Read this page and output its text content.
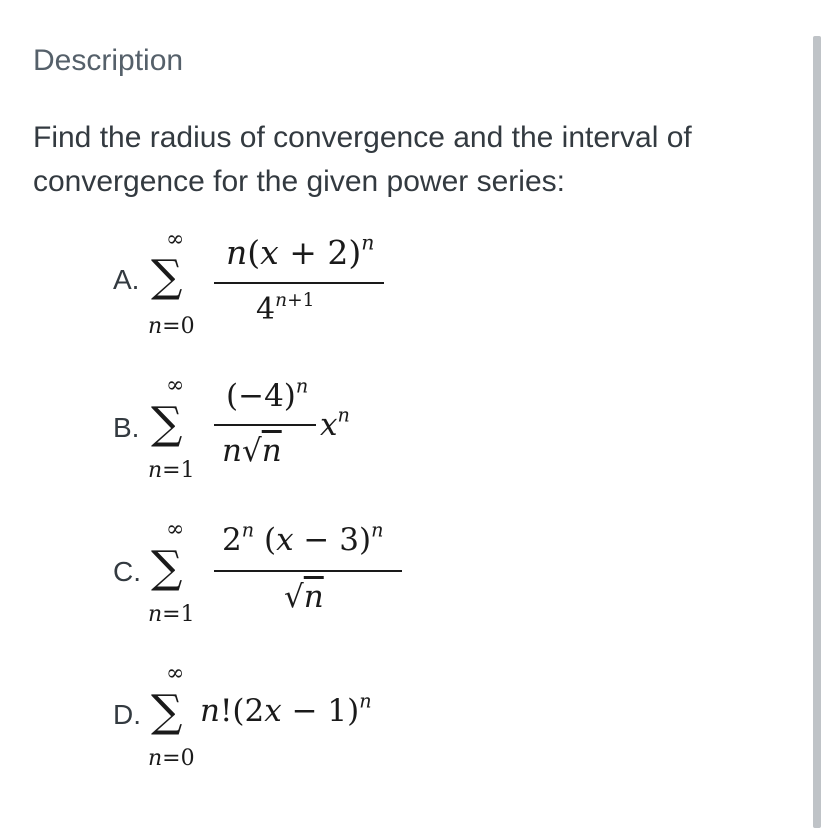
Description

Find the radius of convergence and the interval of convergence for the given power series:

A.
∞
∑
n=0
$n(x + 2)^n$
$4^{n+1}$
B.
∞
∑
n=1
$(-4)^n$
n√n
$x^n$
C.
∞
∑
n=1
2$^n$ $(x - 3)^n$
√n
D.
∞
∑
n=0
$n!(2x - 1)^n$
